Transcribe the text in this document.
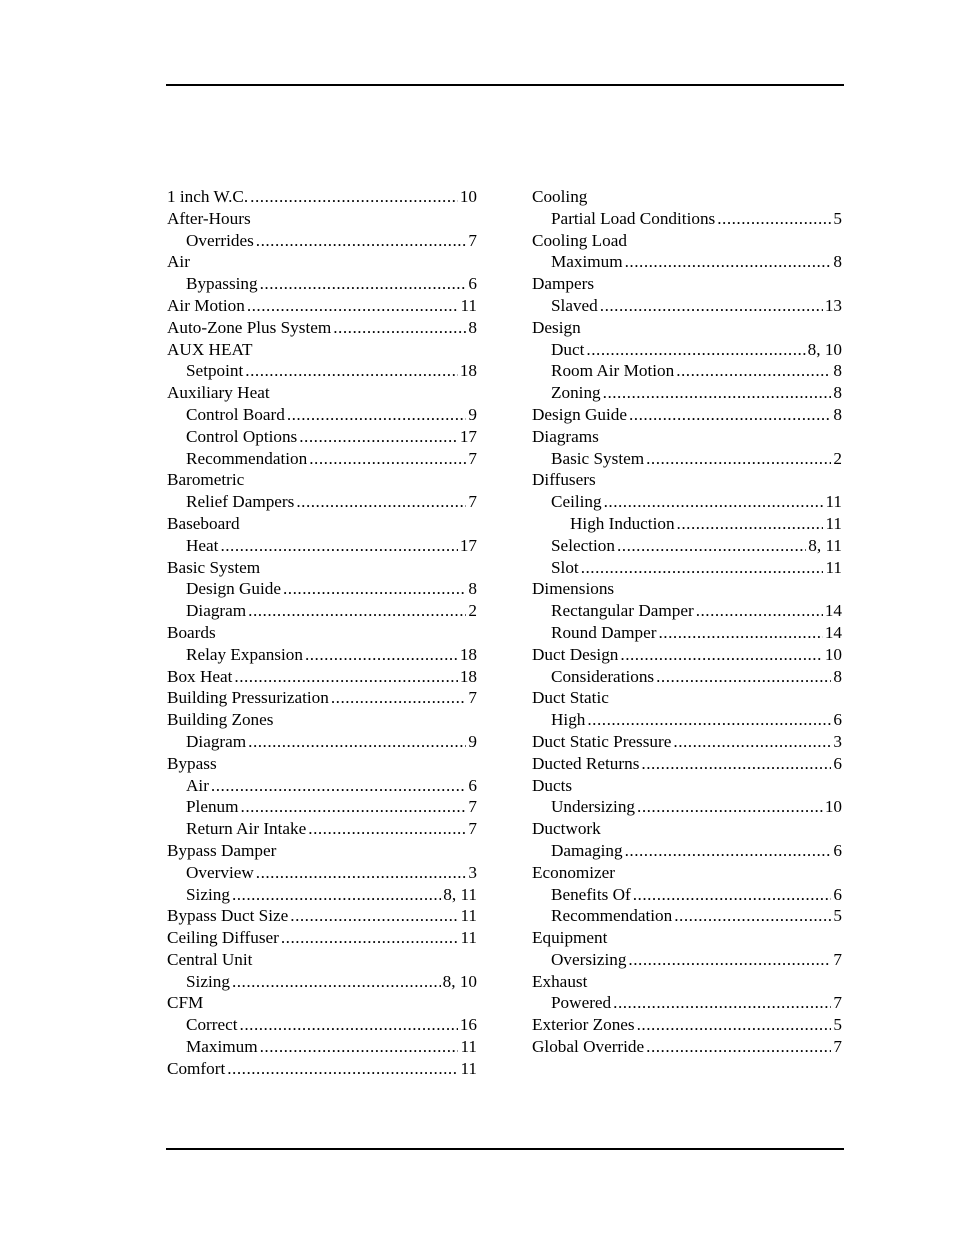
1 inch W.C. .....	10
After-Hours
Overrides .....	7
Air
Bypassing .....	6
Air Motion .....	11
Auto-Zone Plus System .....	8
AUX HEAT
Setpoint .....	18
Auxiliary Heat
Control Board .....	9
Control Options .....	17
Recommendation .....	7
Barometric
Relief Dampers .....	7
Baseboard
Heat .....	17
Basic System
Design Guide .....	8
Diagram .....	2
Boards
Relay Expansion .....	18
Box Heat .....	18
Building Pressurization .....	7
Building Zones
Diagram .....	9
Bypass
Air .....	6
Plenum .....	7
Return Air Intake .....	7
Bypass Damper
Overview .....	3
Sizing .....	8, 11
Bypass Duct Size .....	11
Ceiling Diffuser .....	11
Central Unit
Sizing .....	8, 10
CFM
Correct .....	16
Maximum .....	11
Comfort .....	11
Cooling
Partial Load Conditions .....	5
Cooling Load
Maximum .....	8
Dampers
Slaved .....	13
Design
Duct .....	8, 10
Room Air Motion .....	8
Zoning .....	8
Design Guide .....	8
Diagrams
Basic System .....	2
Diffusers
Ceiling .....	11
High Induction .....	11
Selection .....	8, 11
Slot .....	11
Dimensions
Rectangular Damper .....	14
Round Damper .....	14
Duct Design .....	10
Considerations .....	8
Duct Static
High .....	6
Duct Static Pressure .....	3
Ducted Returns .....	6
Ducts
Undersizing .....	10
Ductwork
Damaging .....	6
Economizer
Benefits Of .....	6
Recommendation .....	5
Equipment
Oversizing .....	7
Exhaust
Powered .....	7
Exterior Zones .....	5
Global Override .....	7
